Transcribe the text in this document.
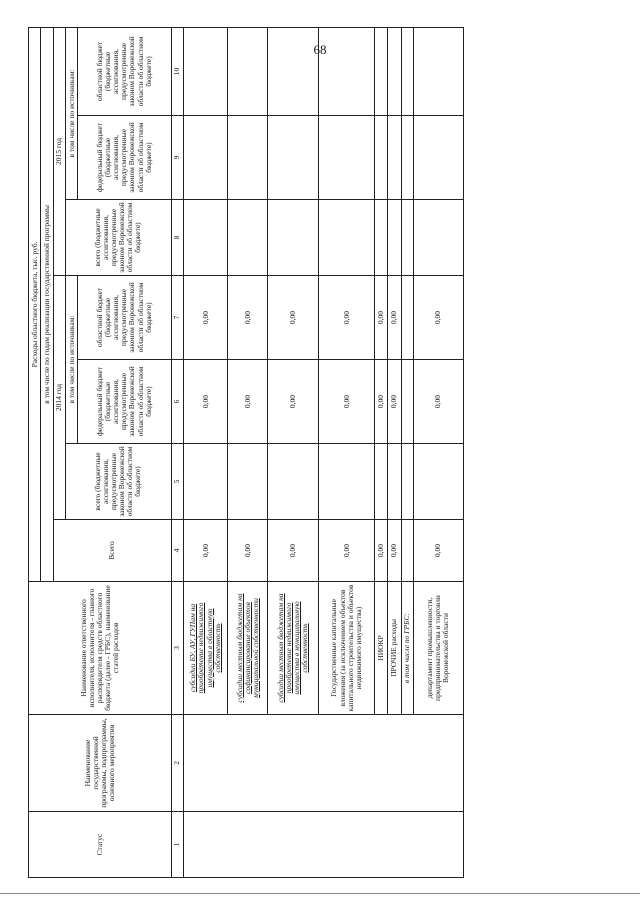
68
Статус	Наименование государственной программы, подпрограммы, основного мероприятия	Наименование ответственного исполнителя, исполнителя - главного распорядителя средств областного бюджета (далее - ГРБС), наименование статей расходов	Расходы областного бюджета, тыс. руб.						
			в том числе по годам реализации государственной программы						
			Всего	2014 год			2015 год		
				всего (бюджетные ассигнования, предусмотренные законом Воронежской области об областном бюджете)	в том числе по источникам:		всего (бюджетные ассигнования, предусмотренные законом Воронежской области об областном бюджете)	в том числе по источникам:	
					федеральный бюджет (бюджетные ассигнования, предусмотренные законом Воронежской области об областном бюджете)	областной бюджет (бюджетные ассигнования, предусмотренные законом Воронежской области об областном бюджете)		федеральный бюджет (бюджетные ассигнования, предусмотренные законом Воронежской области об областном бюджете)	областной бюджет (бюджетные ассигнования, предусмотренные законом Воронежской области об областном бюджете)
1	2	3	4	5	6	7	8	9	10
		субсидии БУ, АУ, ГУПам на приобретение недвижимого имущества в областную собственность	0,00		0,00	0,00			
		субсидии местным бюджетам на софинансирование объектов муниципальной собственности	0,00		0,00	0,00			
		субсидии местным бюджетам на приобретение недвижимого имущества в муниципальную собственность	0,00		0,00	0,00			
		Государственные капитальные вложения (за исключением объектов капитального строительства и объектов недвижимого имущества)	0,00		0,00	0,00			
		НИОКР	0,00		0,00	0,00			
		ПРОЧИЕ расходы	0,00		0,00	0,00			
		в том числе по ГРБС:							
		департамент промышленности, предпринимательства и торговли Воронежской области	0,00		0,00	0,00			
